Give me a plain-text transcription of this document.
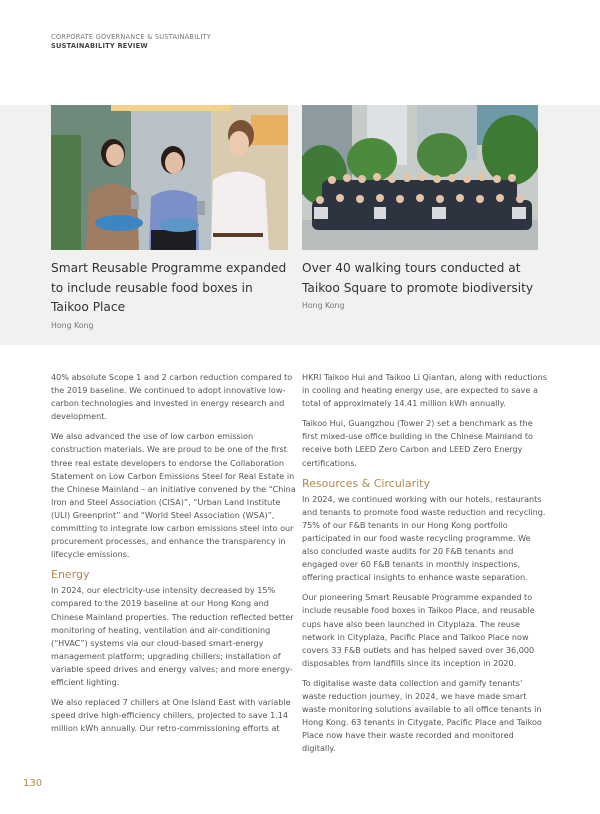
CORPORATE GOVERNANCE & SUSTAINABILITY
SUSTAINABILITY REVIEW
Smart Reusable Programme expanded to include reusable food boxes in Taikoo Place
Hong Kong
Over 40 walking tours conducted at Taikoo Square to promote biodiversity
Hong Kong

40% absolute Scope 1 and 2 carbon reduction compared to the 2019 baseline. We continued to adopt innovative low-carbon technologies and invested in energy research and development.

We also advanced the use of low carbon emission construction materials. We are proud to be one of the first three real estate developers to endorse the Collaboration Statement on Low Carbon Emissions Steel for Real Estate in the Chinese Mainland – an initiative convened by the “China Iron and Steel Association (CISA)”, “Urban Land Institute (ULI) Greenprint” and “World Steel Association (WSA)”, committing to integrate low carbon emissions steel into our procurement processes, and enhance the transparency in lifecycle emissions.

Energy

In 2024, our electricity-use intensity decreased by 15% compared to the 2019 baseline at our Hong Kong and Chinese Mainland properties. The reduction reflected better monitoring of heating, ventilation and air-conditioning (“HVAC”) systems via our cloud-based smart-energy management platform; upgrading chillers; installation of variable speed drives and energy valves; and more energy-efficient lighting.

We also replaced 7 chillers at One Island East with variable speed drive high-efficiency chillers, projected to save 1.14 million kWh annually. Our retro-commissioning efforts at

HKRI Taikoo Hui and Taikoo Li Qiantan, along with reductions in cooling and heating energy use, are expected to save a total of approximately 14.41 million kWh annually.

Taikoo Hui, Guangzhou (Tower 2) set a benchmark as the first mixed-use office building in the Chinese Mainland to receive both LEED Zero Carbon and LEED Zero Energy certifications.

Resources & Circularity

In 2024, we continued working with our hotels, restaurants and tenants to promote food waste reduction and recycling. 75% of our F&B tenants in our Hong Kong portfolio participated in our food waste recycling programme. We also concluded waste audits for 20 F&B tenants and engaged over 60 F&B tenants in monthly inspections, offering practical insights to enhance waste separation.

Our pioneering Smart Reusable Programme expanded to include reusable food boxes in Taikoo Place, and reusable cups have also been launched in Cityplaza. The reuse network in Cityplaza, Pacific Place and Taikoo Place now covers 33 F&B outlets and has helped saved over 36,000 disposables from landfills since its inception in 2020.

To digitalise waste data collection and gamify tenants’ waste reduction journey, in 2024, we have made smart waste monitoring solutions available to all office tenants in Hong Kong. 63 tenants in Citygate, Pacific Place and Taikoo Place now have their waste recorded and monitored digitally.

130
